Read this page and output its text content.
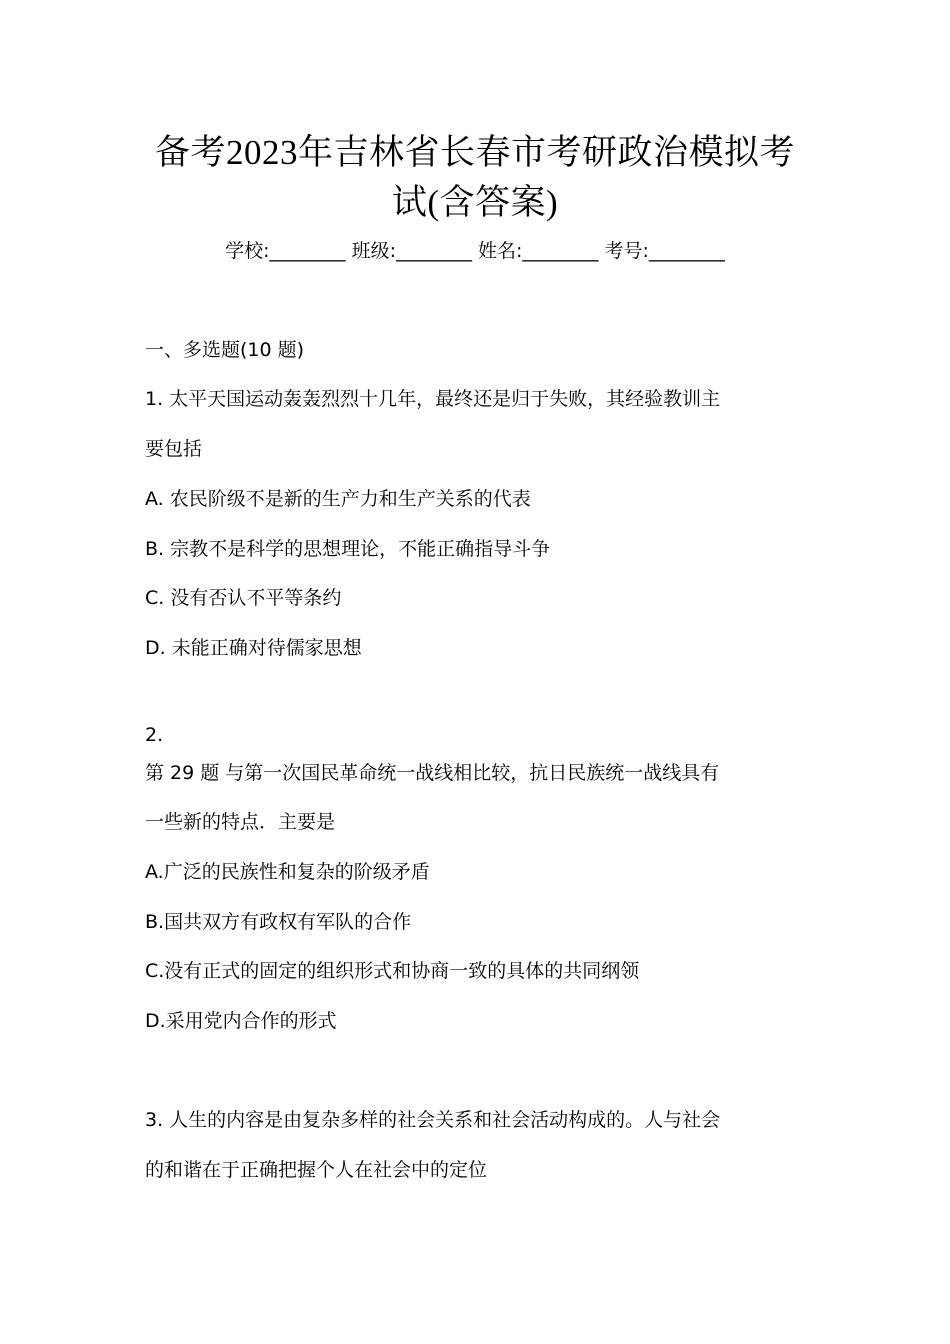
备考2023年吉林省长春市考研政治模拟考
试(含答案)
学校:________ 班级:________ 姓名:________ 考号:________
一、多选题(10 题)
1. 太平天国运动轰轰烈烈十几年，最终还是归于失败，其经验教训主
要包括
A. 农民阶级不是新的生产力和生产关系的代表
B. 宗教不是科学的思想理论，不能正确指导斗争
C. 没有否认不平等条约
D. 未能正确对待儒家思想
2.
第 29 题 与第一次国民革命统一战线相比较，抗日民族统一战线具有
一些新的特点．主要是
A.广泛的民族性和复杂的阶级矛盾
B.国共双方有政权有军队的合作
C.没有正式的固定的组织形式和协商一致的具体的共同纲领
D.采用党内合作的形式
3. 人生的内容是由复杂多样的社会关系和社会活动构成的。人与社会
的和谐在于正确把握个人在社会中的定位
